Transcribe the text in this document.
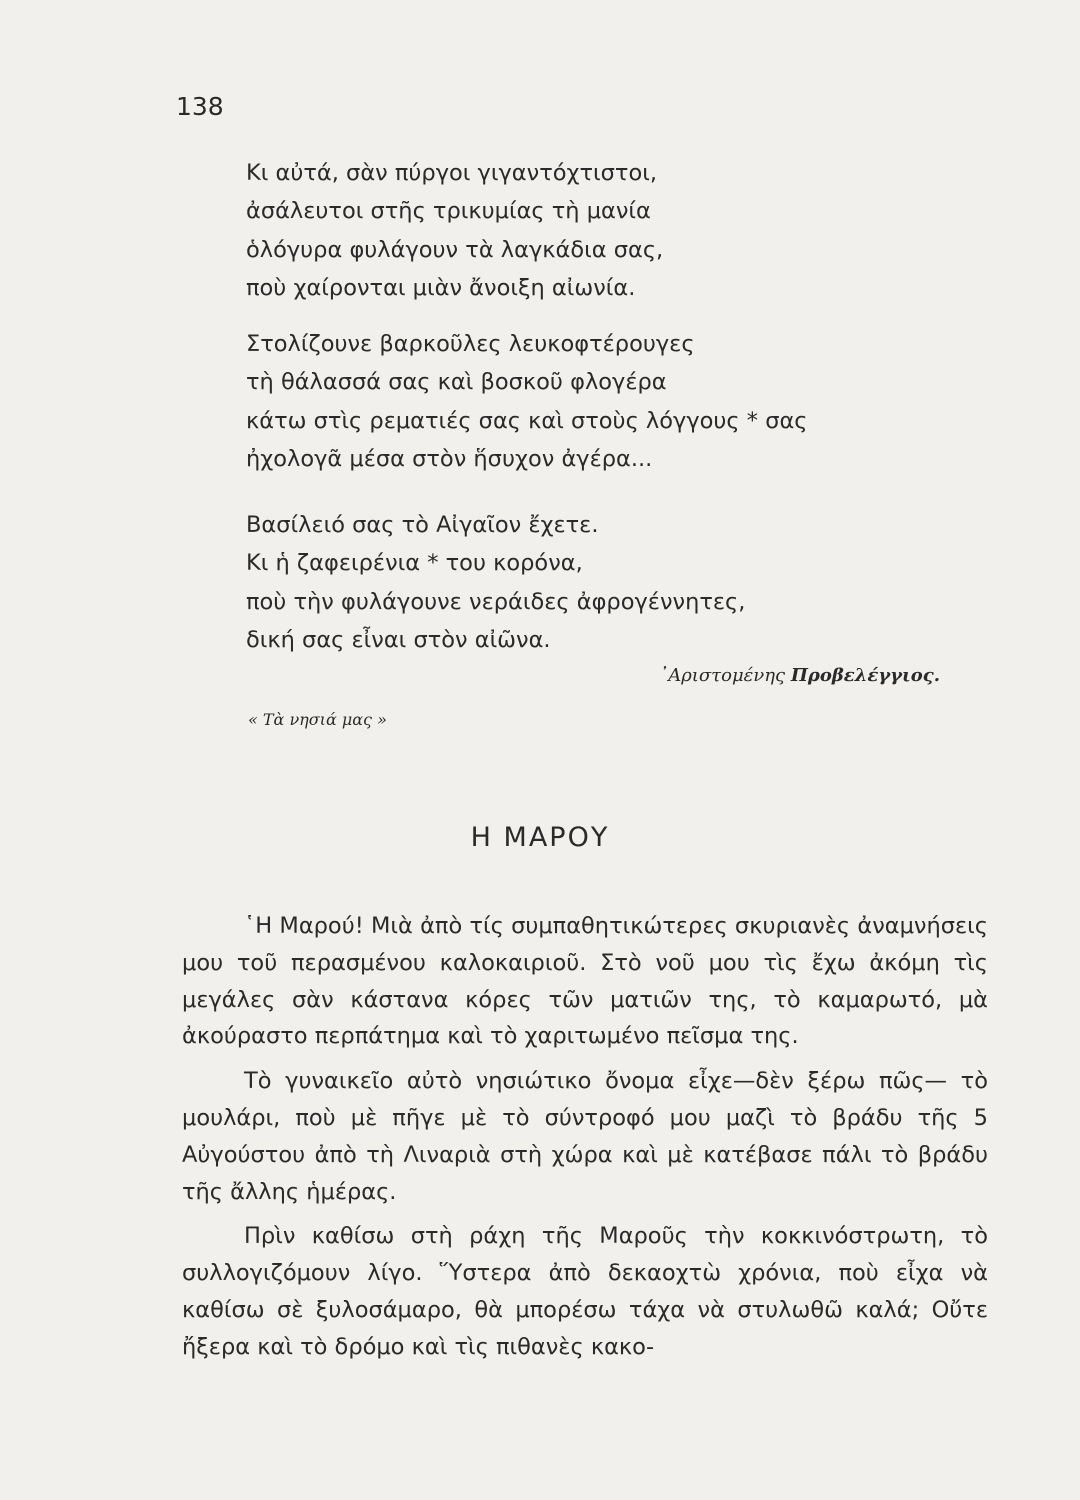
138
Κι αὐτά, σὰν πύργοι γιγαντόχτιστοι,
ἀσάλευτοι στῆς τρικυμίας τὴ μανία
ὁλόγυρα φυλάγουν τὰ λαγκάδια σας,
ποὺ χαίρονται μιὰν ἄνοιξη αἰωνία.
Στολίζουνε βαρκοῦλες λευκοφτέρουγες
τὴ θάλασσά σας καὶ βοσκοῦ φλογέρα
κάτω στὶς ρεματιές σας καὶ στοὺς λόγγους * σας
ἠχολογᾶ μέσα στὸν ἥσυχον ἀγέρα...
Βασίλειό σας τὸ Αἰγαῖον ἔχετε.
Κι ἡ ζαφειρένια * του κορόνα,
ποὺ τὴν φυλάγουνε νεράιδες ἀφρογέννητες,
δική σας εἶναι στὸν αἰῶνα.
᾿Αριστομένης Προβελέγγιος.
« Τὰ νησιά μας »
Η ΜΑΡΟΥ

῾Η Μαρού! Μιὰ ἀπὸ τίς συμπαθητικώτερες σκυριανὲς ἀναμνήσεις μου τοῦ περασμένου καλοκαιριοῦ. Στὸ νοῦ μου τὶς ἔχω ἀκόμη τὶς μεγάλες σὰν κάστανα κόρες τῶν ματιῶν της, τὸ καμαρωτό, μὰ ἀκούραστο περπάτημα καὶ τὸ χαριτωμένο πεῖσμα της.

Τὸ γυναικεῖο αὐτὸ νησιώτικο ὄνομα εἶχε—δὲν ξέρω πῶς— τὸ μουλάρι, ποὺ μὲ πῆγε μὲ τὸ σύντροφό μου μαζὶ τὸ βράδυ τῆς 5 Αὐγούστου ἀπὸ τὴ Λιναριὰ στὴ χώρα καὶ μὲ κατέβασε πάλι τὸ βράδυ τῆς ἄλλης ἡμέρας.

Πρὶν καθίσω στὴ ράχη τῆς Μαροῦς τὴν κοκκινόστρωτη, τὸ συλλογιζόμουν λίγο. Ὕστερα ἀπὸ δεκαοχτὼ χρόνια, ποὺ εἶχα νὰ καθίσω σὲ ξυλοσάμαρο, θὰ μπορέσω τάχα νὰ στυλωθῶ καλά; Οὔτε ἤξερα καὶ τὸ δρόμο καὶ τὶς πιθανὲς κακο-
